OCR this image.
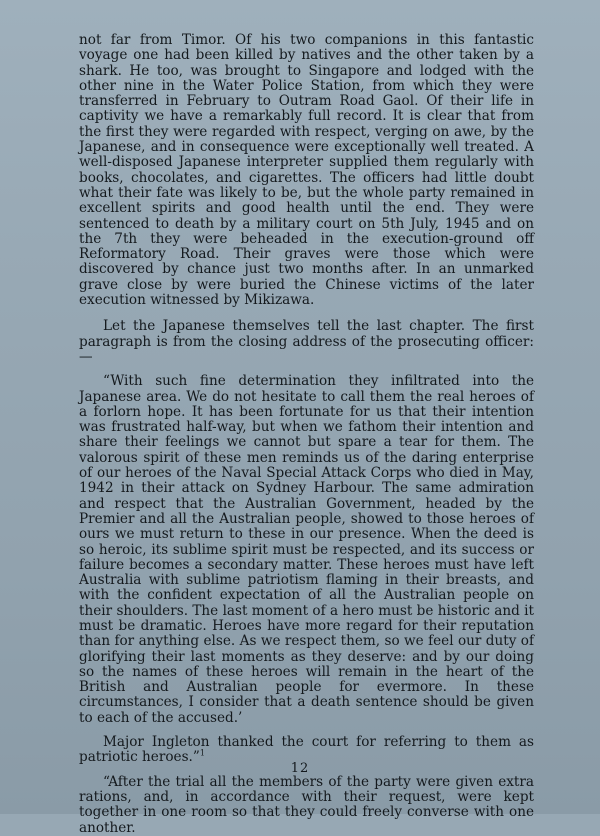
not far from Timor. Of his two companions in this fantastic voyage one had been killed by natives and the other taken by a shark. He too, was brought to Singapore and lodged with the other nine in the Water Police Station, from which they were transferred in February to Outram Road Gaol. Of their life in captivity we have a remarkably full record. It is clear that from the first they were regarded with respect, verging on awe, by the Japanese, and in consequence were exceptionally well treated. A well-disposed Japanese interpreter supplied them regularly with books, chocolates, and cigarettes. The officers had little doubt what their fate was likely to be, but the whole party remained in excellent spirits and good health until the end. They were sentenced to death by a military court on 5th July, 1945 and on the 7th they were beheaded in the execution-ground off Reformatory Road. Their graves were those which were discovered by chance just two months after. In an unmarked grave close by were buried the Chinese victims of the later execution witnessed by Mikizawa.

Let the Japanese themselves tell the last chapter. The first paragraph is from the closing address of the prosecuting officer:—

“With such fine determination they infiltrated into the Japanese area. We do not hesitate to call them the real heroes of a forlorn hope. It has been fortunate for us that their intention was frustrated half-way, but when we fathom their intention and share their feelings we cannot but spare a tear for them. The valorous spirit of these men reminds us of the daring enterprise of our heroes of the Naval Special Attack Corps who died in May, 1942 in their attack on Sydney Harbour. The same admiration and respect that the Australian Government, headed by the Premier and all the Australian people, showed to those heroes of ours we must return to these in our presence. When the deed is so heroic, its sublime spirit must be respected, and its success or failure becomes a secondary matter. These heroes must have left Australia with sublime patriotism flaming in their breasts, and with the confident expectation of all the Australian people on their shoulders. The last moment of a hero must be historic and it must be dramatic. Heroes have more regard for their reputation than for anything else. As we respect them, so we feel our duty of glorifying their last moments as they deserve: and by our doing so the names of these heroes will remain in the heart of the British and Australian people for evermore. In these circumstances, I consider that a death sentence should be given to each of the accused.’

Major Ingleton thanked the court for referring to them as patriotic heroes.”$^1$

“After the trial all the members of the party were given extra rations, and, in accordance with their request, were kept together in one room so that they could freely converse with one another.

12
